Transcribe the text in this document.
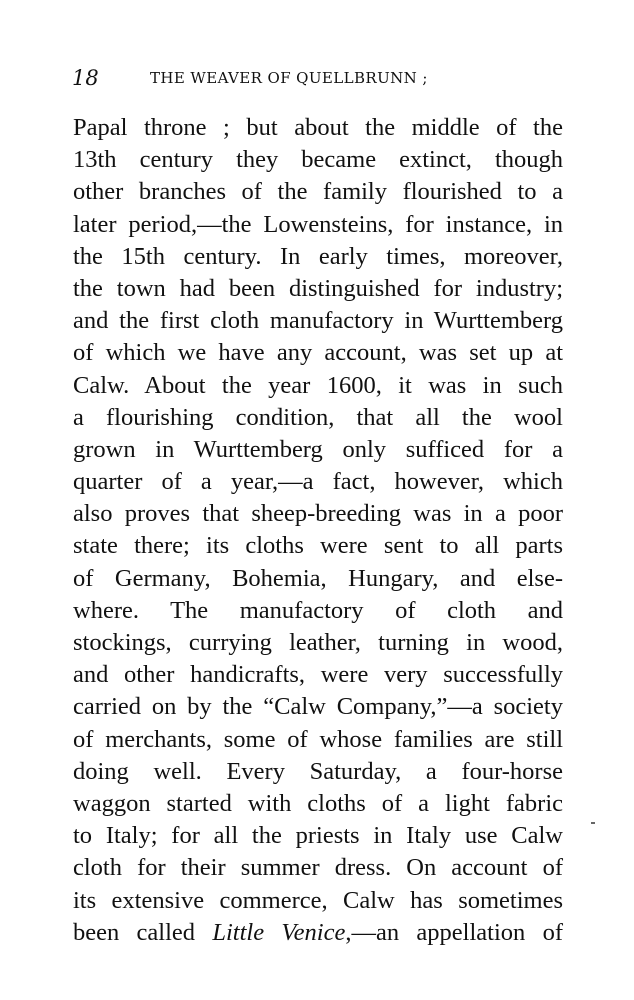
18	THE WEAVER OF QUELLBRUNN ;
Papal throne ; but about the middle of the
13th century they became extinct, though
other branches of the family flourished to a
later period,—the Lowensteins, for instance, in
the 15th century. In early times, moreover,
the town had been distinguished for industry;
and the first cloth manufactory in Wurttemberg
of which we have any account, was set up at
Calw. About the year 1600, it was in such
a flourishing condition, that all the wool
grown in Wurttemberg only sufficed for a
quarter of a year,—a fact, however, which
also proves that sheep-breeding was in a poor
state there; its cloths were sent to all parts
of Germany, Bohemia, Hungary, and else-
where. The manufactory of cloth and
stockings, currying leather, turning in wood,
and other handicrafts, were very successfully
carried on by the “Calw Company,”—a society
of merchants, some of whose families are still
doing well. Every Saturday, a four-horse
waggon started with cloths of a light fabric
to Italy; for all the priests in Italy use Calw
cloth for their summer dress. On account of
its extensive commerce, Calw has sometimes
been called Little Venice,—an appellation of
